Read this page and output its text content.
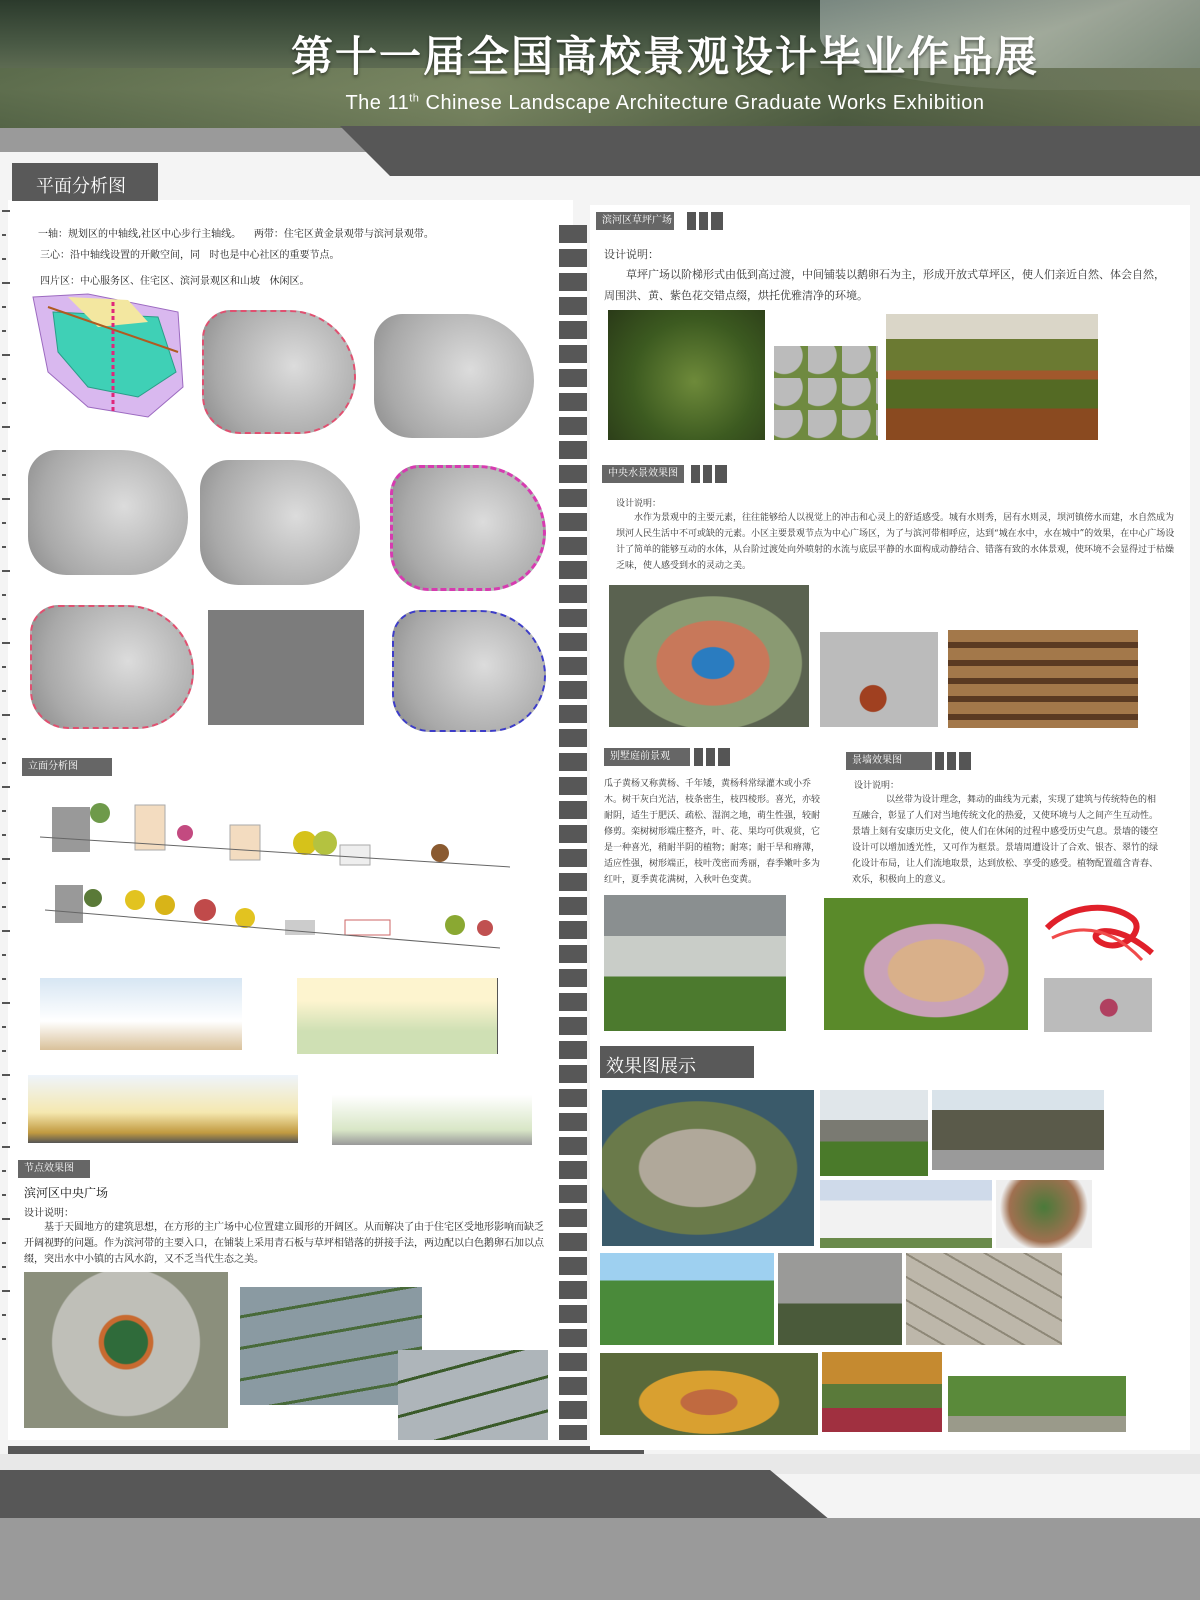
第十一届全国高校景观设计毕业作品展
The 11th Chinese Landscape Architecture Graduate Works Exhibition
平面分析图
一轴：规划区的中轴线,社区中心步行主轴线。    两带：住宅区黄金景观带与滨河景观带。
三心：沿中轴线设置的开敞空间，同   时也是中心社区的重要节点。
四片区：中心服务区、住宅区、滨河景观区和山坡   休闲区。
立面分析图
节点效果图
滨河区中央广场
设计说明：
基于天圆地方的建筑思想，在方形的主广场中心位置建立圆形的开阔区。从而解决了由于住宅区受地形影响而缺乏开阔视野的问题。作为滨河带的主要入口，在铺装上采用青石板与草坪相错落的拼接手法，两边配以白色鹅卵石加以点缀，突出水中小镇的古风水韵，又不乏当代生态之美。
滨河区草坪广场
设计说明：
草坪广场以阶梯形式由低到高过渡，中间铺装以鹅卵石为主，形成开放式草坪区，使人们亲近自然、体会自然，周围洪、黄、紫色花交错点缀，烘托优雅清净的环境。
中央水景效果图
设计说明：
水作为景观中的主要元素，往往能够给人以视觉上的冲击和心灵上的舒适感受。城有水则秀，居有水则灵，坝河镇傍水而建，水自然成为坝河人民生活中不可或缺的元素。小区主要景观节点为中心广场区，为了与滨河带相呼应，达到“城在水中，水在城中”的效果，在中心广场设计了简单的能够互动的水体，从台阶过渡处向外喷射的水流与底层平静的水面构成动静结合、错落有致的水体景观，使环境不会显得过于枯燥乏味，使人感受到水的灵动之美。
别墅庭前景观
瓜子黄杨又称黄杨、千年矮，黄杨科常绿灌木或小乔木。树干灰白光洁，枝条密生，枝四棱形。喜光，亦较耐阴，适生于肥沃、疏松、湿润之地，萌生性强，较耐修剪。栾树树形端庄整齐，叶、花、果均可供观赏，它是一种喜光，稍耐半阴的植物；耐寒；耐干旱和瘠薄，适应性强，树形端正，枝叶茂密而秀丽，春季嫩叶多为红叶，夏季黄花满树，入秋叶色变黄。
景墙效果图
设计说明：
以丝带为设计理念，舞动的曲线为元素，实现了建筑与传统特色的相互融合，彰显了人们对当地传统文化的热爱，又使环境与人之间产生互动性。景墙上刻有安康历史文化，使人们在休闲的过程中感受历史气息。景墙的镂空设计可以增加透光性，又可作为框景。景墙周遭设计了合欢、银杏、翠竹的绿化设计布局，让人们流地取景，达到放松、享受的感受。植物配置蕴含青春、欢乐，积极向上的意义。
效果图展示
